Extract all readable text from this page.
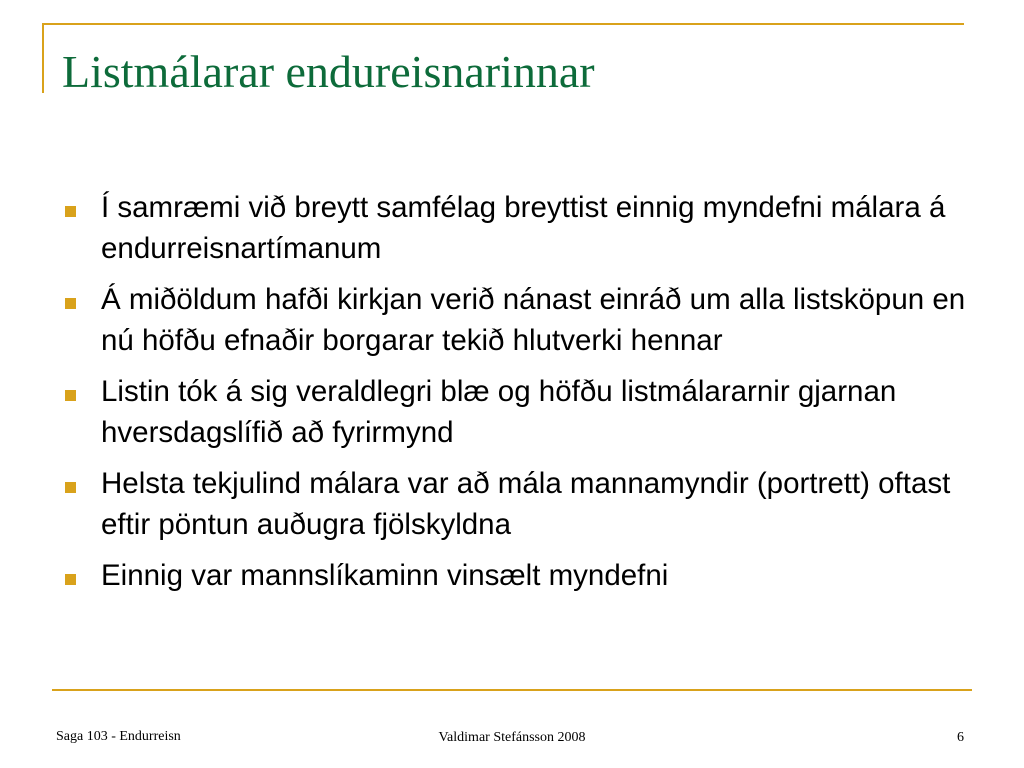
Listmálarar endureisnarinnar
Í samræmi við breytt samfélag breyttist einnig myndefni málara á endurreisnartímanum
Á miðöldum hafði kirkjan verið nánast einráð um alla listsköpun en nú höfðu efnaðir borgarar tekið hlutverki hennar
Listin tók á sig veraldlegri blæ og höfðu listmálararnir gjarnan hversdagslífið að fyrirmynd
Helsta tekjulind málara var að mála mannamyndir (portrett) oftast eftir pöntun auðugra fjölskyldna
Einnig var mannslíkaminn vinsælt myndefni
Saga 103 - Endurreisn	Valdimar Stefánsson 2008	6
